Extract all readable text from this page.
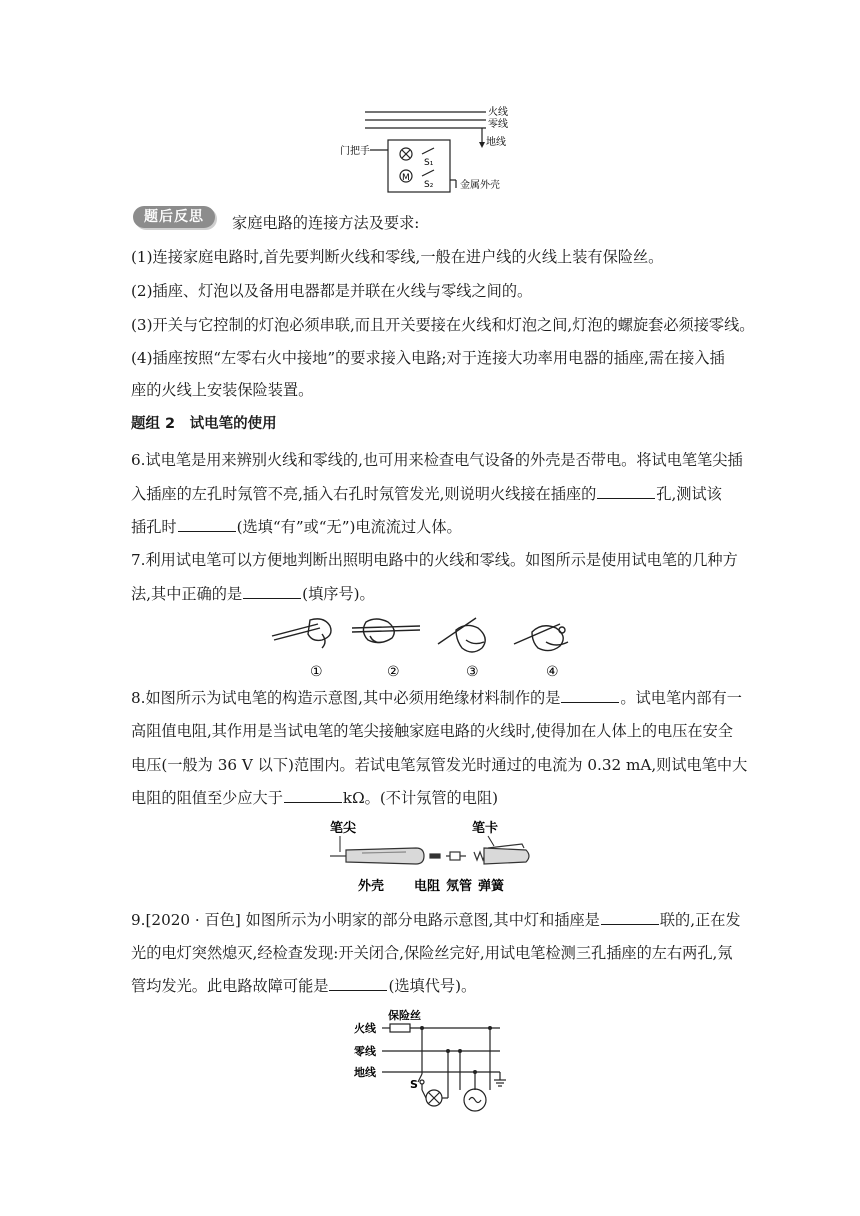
火线
零线
地线
门把手
M
S₁
S₂	金属外壳
题后反思	家庭电路的连接方法及要求:
(1)连接家庭电路时,首先要判断火线和零线,一般在进户线的火线上装有保险丝。
(2)插座、灯泡以及备用电器都是并联在火线与零线之间的。
(3)开关与它控制的灯泡必须串联,而且开关要接在火线和灯泡之间,灯泡的螺旋套必须接零线。
(4)插座按照“左零右火中接地”的要求接入电路;对于连接大功率用电器的插座,需在接入插
座的火线上安装保险装置。
题组 2　试电笔的使用
6.试电笔是用来辨别火线和零线的,也可用来检查电气设备的外壳是否带电。将试电笔笔尖插
入插座的左孔时氖管不亮,插入右孔时氖管发光,则说明火线接在插座的	孔,测试该
插孔时	(选填“有”或“无”)电流流过人体。
7.利用试电笔可以方便地判断出照明电路中的火线和零线。如图所示是使用试电笔的几种方
法,其中正确的是	(填序号)。
①	②	③	④
8.如图所示为试电笔的构造示意图,其中必须用绝缘材料制作的是	。试电笔内部有一
高阻值电阻,其作用是当试电笔的笔尖接触家庭电路的火线时,使得加在人体上的电压在安全
电压(一般为 36 V 以下)范围内。若试电笔氖管发光时通过的电流为 0.32 mA,则试电笔中大
电阻的阻值至少应大于	kΩ。(不计氖管的电阻)
笔尖	笔卡
外壳 电阻 氖管 弹簧
9.[2020 · 百色] 如图所示为小明家的部分电路示意图,其中灯和插座是	联的,正在发
光的电灯突然熄灭,经检查发现:开关闭合,保险丝完好,用试电笔检测三孔插座的左右两孔,氖
管均发光。此电路故障可能是	(选填代号)。
火线
零线
地线
保险丝
S
